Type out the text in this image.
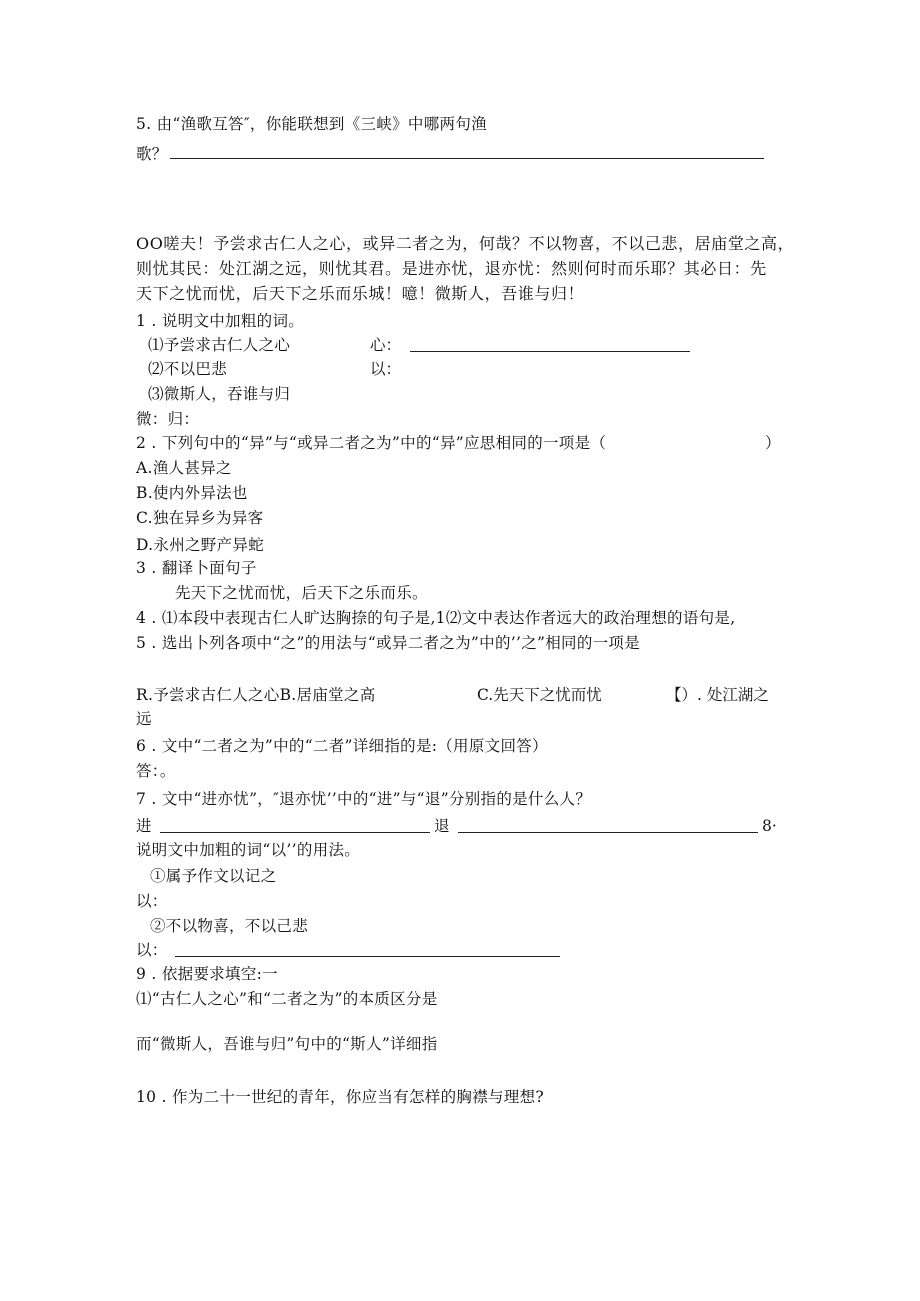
5. 由“渔歌互答″，你能联想到《三峡》中哪两句渔
歌？
OO嗟夫！予尝求古仁人之心，或异二者之为，何哉？不以物喜，不以己悲，居庙堂之高，
则忧其民：处江湖之远，则忧其君。是进亦忧，退亦忧：然则何时而乐耶？其必日：先
天下之忧而忧，后天下之乐而乐城！噫！微斯人，吾谁与归！
1 . 说明文中加粗的词。
⑴予尝求古仁人之心	心：
⑵不以巴悲	以：
⑶微斯人，吞谁与归
微：归：
2 . 下列句中的“异”与“或异二者之为”中的“异”应思相同的一项是（	）
A.渔人甚异之
B.使内外异法也
C.独在异乡为异客
D.永州之野产异蛇
3 . 翻译卜面句子
先天下之忧而忧，后天下之乐而乐。
4 . ⑴本段中表现古仁人旷达胸捺的句子是,1⑵文中表达作者远大的政治理想的语句是,
5 . 选出卜列各项中“之”的用法与“或异二者之为”中的’’之”相同的一项是
R.予尝求古仁人之心B.居庙堂之高	C.先天下之忧而忧	【）. 处江湖之
远
6 . 文中“二者之为”中的“二者”详细指的是:（用原文回答）
答：。
7 . 文中“进亦忧”，″退亦忧’’中的“进”与“退”分别指的是什么人？
进	退	8·
说明文中加粗的词“以’’的用法。
①属予作文以记之
以：
②不以物喜，不以己悲
以：
9 . 依据要求填空:一
⑴“古仁人之心”和“二者之为”的本质区分是
而“微斯人，吾谁与归”句中的“斯人”详细指
10 . 作为二十一世纪的青年，你应当有怎样的胸襟与理想?
